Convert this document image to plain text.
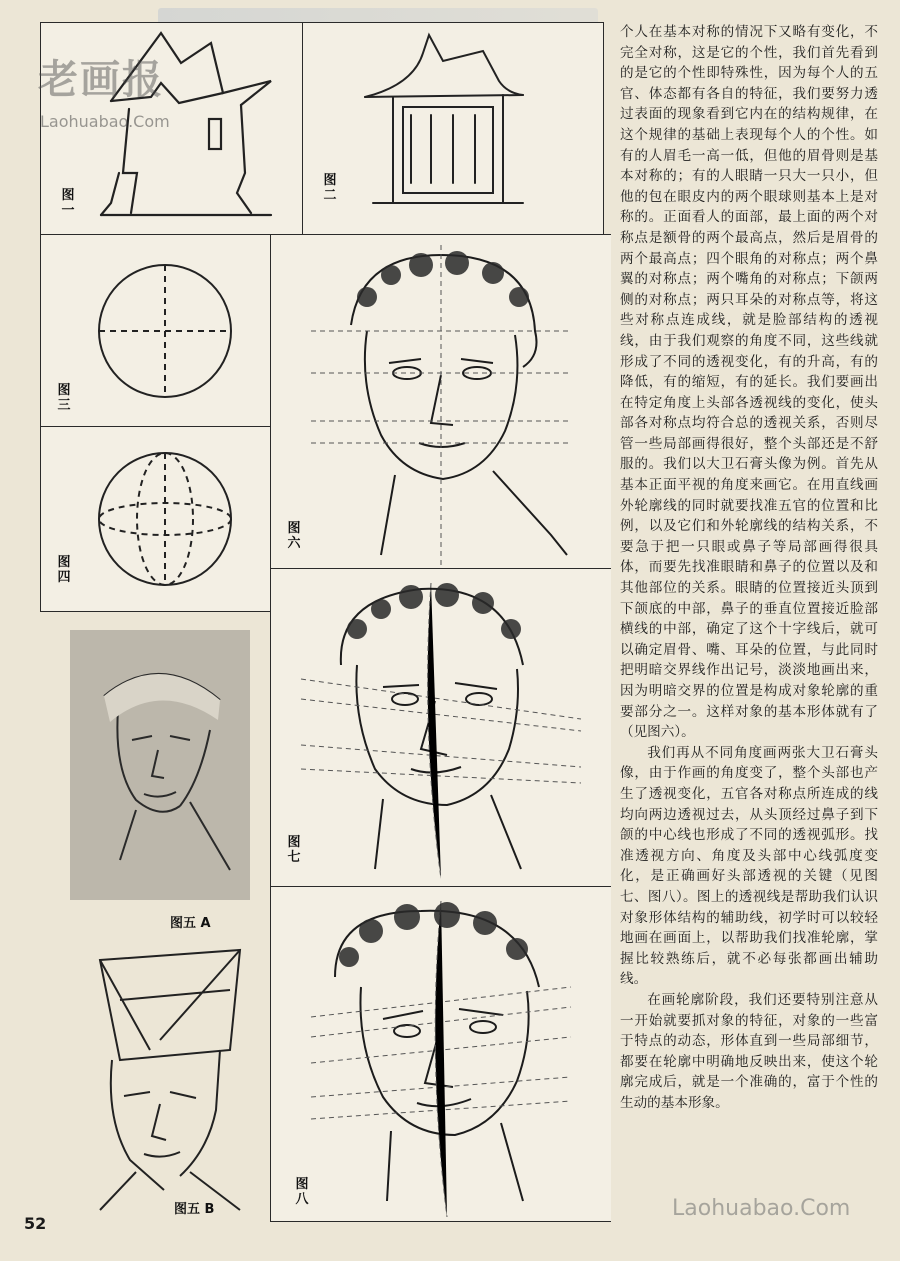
图一
图二
图三
图四
图五 A
图五 B
图六
图七
图八

个人在基本对称的情况下又略有变化，不完全对称，这是它的个性，我们首先看到的是它的个性即特殊性，因为每个人的五官、体态都有各自的特征，我们要努力透过表面的现象看到它内在的结构规律，在这个规律的基础上表现每个人的个性。如有的人眉毛一高一低，但他的眉骨则是基本对称的；有的人眼睛一只大一只小，但他的包在眼皮内的两个眼球则基本上是对称的。正面看人的面部，最上面的两个对称点是额骨的两个最高点，然后是眉骨的两个最高点；四个眼角的对称点；两个鼻翼的对称点；两个嘴角的对称点；下颌两侧的对称点；两只耳朵的对称点等，将这些对称点连成线，就是脸部结构的透视线，由于我们观察的角度不同，这些线就形成了不同的透视变化，有的升高，有的降低，有的缩短，有的延长。我们要画出在特定角度上头部各透视线的变化，使头部各对称点均符合总的透视关系，否则尽管一些局部画得很好，整个头部还是不舒服的。我们以大卫石膏头像为例。首先从基本正面平视的角度来画它。在用直线画外轮廓线的同时就要找准五官的位置和比例，以及它们和外轮廓线的结构关系，不要急于把一只眼或鼻子等局部画得很具体，而要先找准眼睛和鼻子的位置以及和其他部位的关系。眼睛的位置接近头顶到下颌底的中部，鼻子的垂直位置接近脸部横线的中部，确定了这个十字线后，就可以确定眉骨、嘴、耳朵的位置，与此同时把明暗交界线作出记号，淡淡地画出来，因为明暗交界的位置是构成对象轮廓的重要部分之一。这样对象的基本形体就有了（见图六）。

我们再从不同角度画两张大卫石膏头像，由于作画的角度变了，整个头部也产生了透视变化，五官各对称点所连成的线均向两边透视过去，从头顶经过鼻子到下颌的中心线也形成了不同的透视弧形。找准透视方向、角度及头部中心线弧度变化，是正确画好头部透视的关键（见图七、图八）。图上的透视线是帮助我们认识对象形体结构的辅助线，初学时可以较轻地画在画面上，以帮助我们找准轮廓，掌握比较熟练后，就不必每张都画出辅助线。

在画轮廓阶段，我们还要特别注意从一开始就要抓对象的特征，对象的一些富于特点的动态，形体直到一些局部细节，都要在轮廓中明确地反映出来，使这个轮廓完成后，就是一个准确的，富于个性的生动的基本形象。

老画报
Laohuabao.Com
Laohuabao.Com
52
